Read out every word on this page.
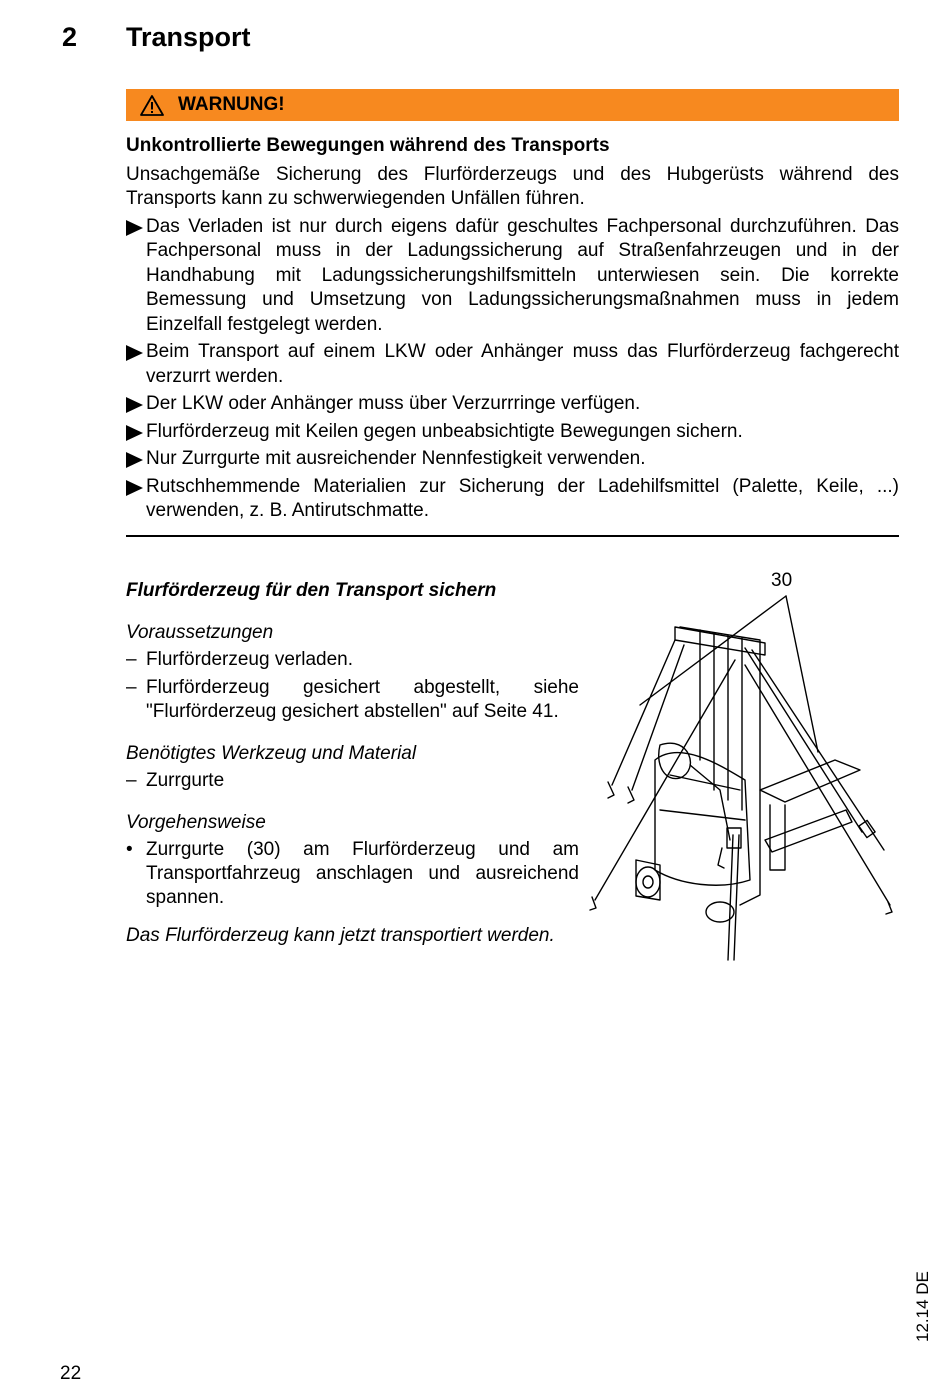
2 Transport
WARNUNG!
Unkontrollierte Bewegungen während des Transports
Unsachgemäße Sicherung des Flurförderzeugs und des Hubgerüsts während des Transports kann zu schwerwiegenden Unfällen führen.
Das Verladen ist nur durch eigens dafür geschultes Fachpersonal durchzuführen. Das Fachpersonal muss in der Ladungssicherung auf Straßenfahrzeugen und in der Handhabung mit Ladungssicherungshilfsmitteln unterwiesen sein. Die korrekte Bemessung und Umsetzung von Ladungssicherungsmaßnahmen muss in jedem Einzelfall festgelegt werden.
Beim Transport auf einem LKW oder Anhänger muss das Flurförderzeug fachgerecht verzurrt werden.
Der LKW oder Anhänger muss über Verzurrringe verfügen.
Flurförderzeug mit Keilen gegen unbeabsichtigte Bewegungen sichern.
Nur Zurrgurte mit ausreichender Nennfestigkeit verwenden.
Rutschhemmende Materialien zur Sicherung der Ladehilfsmittel (Palette, Keile, ...) verwenden, z. B. Antirutschmatte.
Flurförderzeug für den Transport sichern
Voraussetzungen
– Flurförderzeug verladen.
– Flurförderzeug gesichert abgestellt, siehe "Flurförderzeug gesichert abstellen" auf Seite 41.
Benötigtes Werkzeug und Material
– Zurrgurte
Vorgehensweise
• Zurrgurte (30) am Flurförderzeug und am Transportfahrzeug anschlagen und ausreichend spannen.
Das Flurförderzeug kann jetzt transportiert werden.
30
22
12.14 DE
